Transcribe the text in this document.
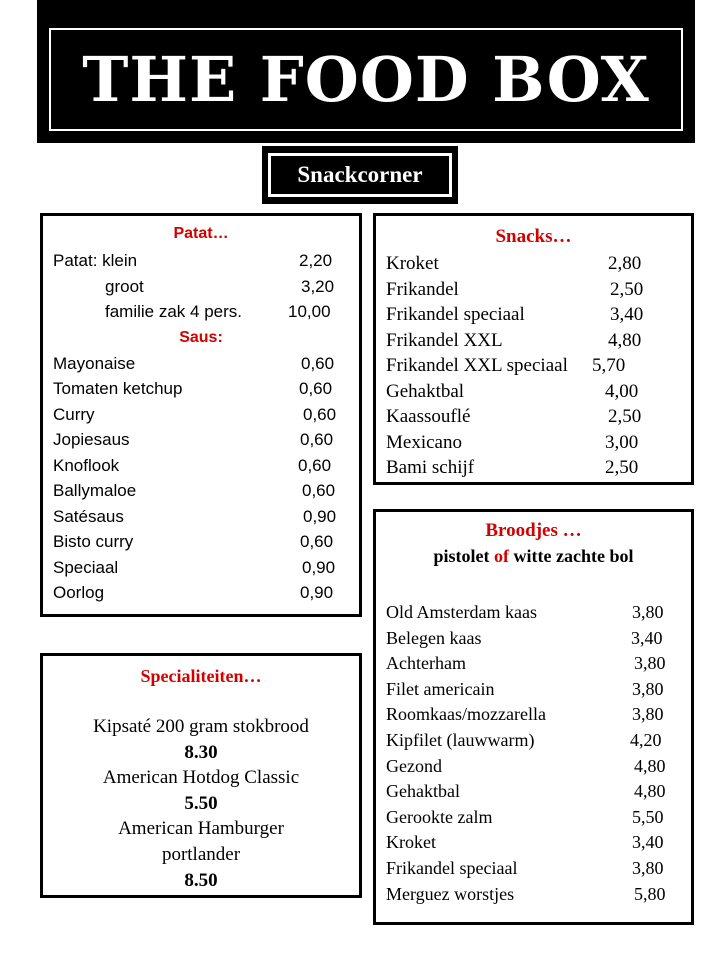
THE FOOD BOX
Snackcorner
Patat…
Patat: klein	2,20
groot	3,20
familie zak 4 pers.	10,00
Saus:
Mayonaise	0,60
Tomaten ketchup	0,60
Curry	0,60
Jopiesaus	0,60
Knoflook	0,60
Ballymaloe	0,60
Satésaus	0,90
Bisto curry	0,60
Speciaal	0,90
Oorlog	0,90
Snacks…
Kroket	2,80
Frikandel	2,50
Frikandel speciaal	3,40
Frikandel XXL	4,80
Frikandel XXL speciaal 5,70
Gehaktbal	4,00
Kaassouflé	2,50
Mexicano	3,00
Bami schijf	2,50
Broodjes …
pistolet of witte zachte bol
Old Amsterdam kaas	3,80
Belegen kaas	3,40
Achterham	3,80
Filet americain	3,80
Roomkaas/mozzarella	3,80
Kipfilet (lauwwarm)	4,20
Gezond	4,80
Gehaktbal	4,80
Gerookte zalm	5,50
Kroket	3,40
Frikandel speciaal	3,80
Merguez worstjes	5,80
Specialiteiten…
Kipsaté 200 gram stokbrood
8.30
American Hotdog Classic
5.50
American Hamburger portlander
8.50
